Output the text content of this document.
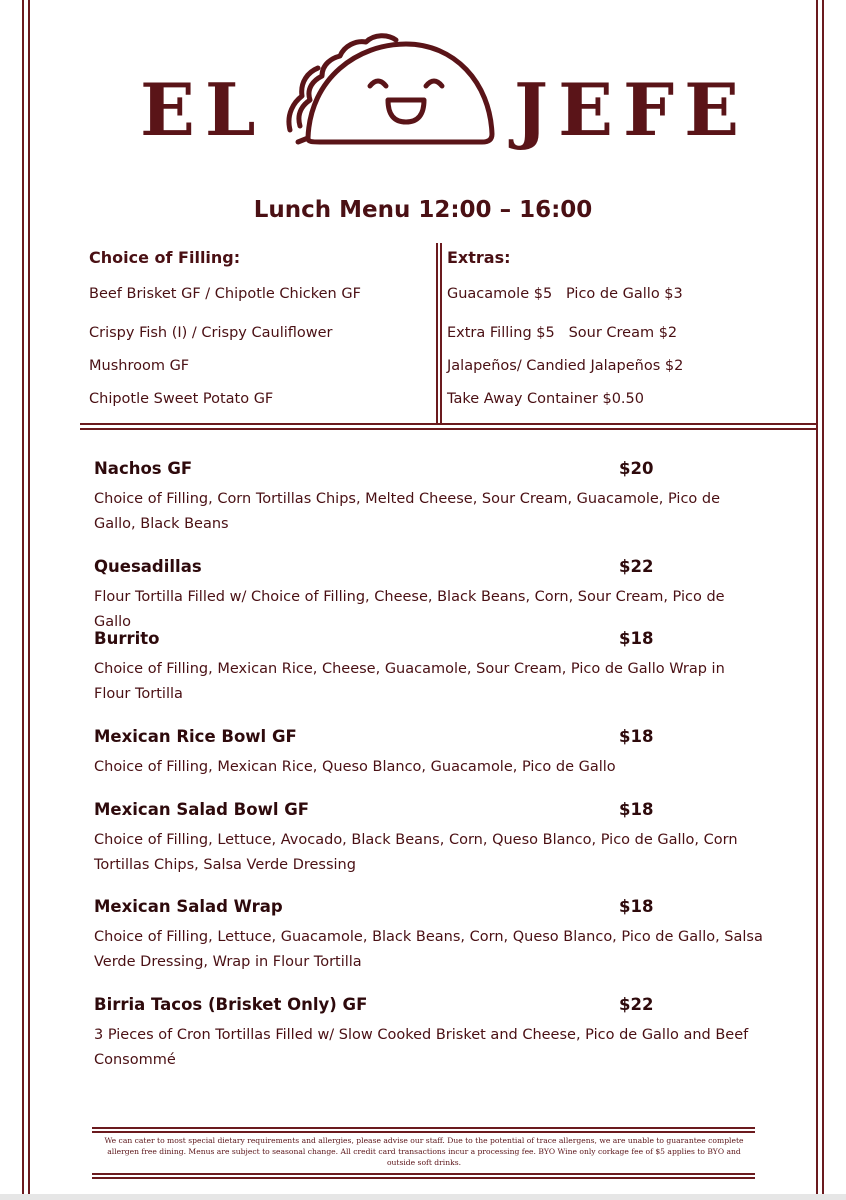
EL	JEFE
Lunch Menu 12:00 – 16:00
Choice of Filling:
Beef Brisket GF / Chipotle Chicken GF
Crispy Fish (I) / Crispy Cauliflower
Mushroom GF
Chipotle Sweet Potato GF
Extras:
Guacamole $5   Pico de Gallo $3
Extra Filling $5   Sour Cream $2
Jalapeños/ Candied Jalapeños $2
Take Away Container $0.50
Nachos GF	$20
Choice of Filling, Corn Tortillas Chips, Melted Cheese, Sour Cream, Guacamole, Pico de Gallo, Black Beans
Quesadillas	$22
Flour Tortilla Filled w/ Choice of Filling, Cheese, Black Beans, Corn, Sour Cream, Pico de Gallo
Burrito	$18
Choice of Filling, Mexican Rice, Cheese, Guacamole, Sour Cream, Pico de Gallo Wrap in Flour Tortilla
Mexican Rice Bowl GF	$18
Choice of Filling, Mexican Rice, Queso Blanco, Guacamole, Pico de Gallo
Mexican Salad Bowl GF	$18
Choice of Filling, Lettuce, Avocado, Black Beans, Corn, Queso Blanco, Pico de Gallo, Corn Tortillas Chips, Salsa Verde Dressing
Mexican Salad Wrap	$18
Choice of Filling, Lettuce, Guacamole, Black Beans, Corn, Queso Blanco, Pico de Gallo, Salsa Verde Dressing, Wrap in Flour Tortilla
Birria Tacos (Brisket Only) GF	$22
3 Pieces of Cron Tortillas Filled w/ Slow Cooked Brisket and Cheese, Pico de Gallo and Beef Consommé
We can cater to most special dietary requirements and allergies, please advise our staff. Due to the potential of trace allergens, we are unable to guarantee complete allergen free dining. Menus are subject to seasonal change. All credit card transactions incur a processing fee. BYO Wine only corkage fee of $5 applies to BYO and outside soft drinks.
